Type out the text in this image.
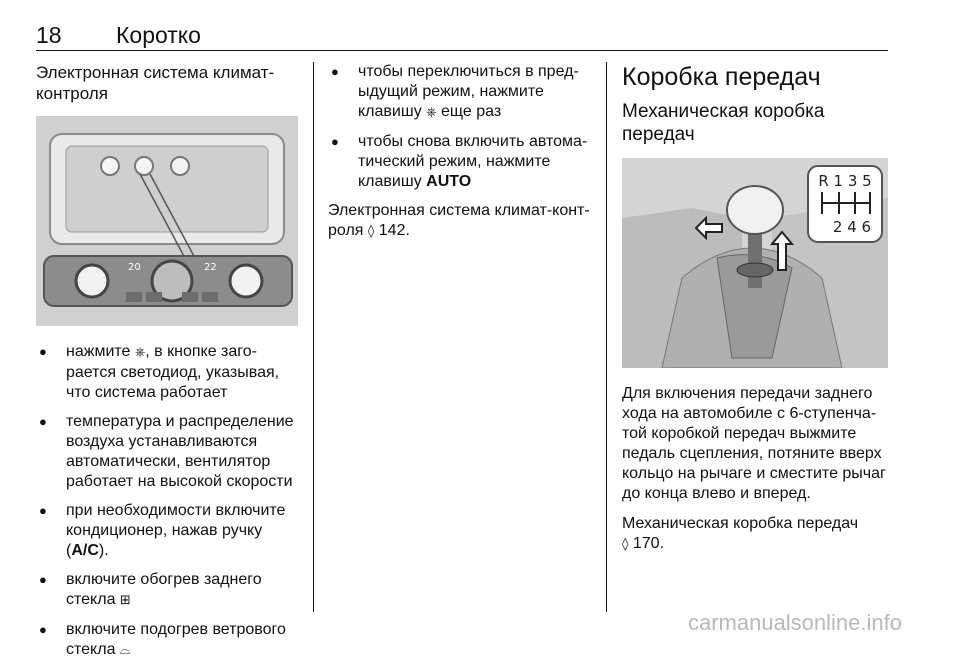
18 Коротко

Электронная система климат-контроля

20	22
● нажмите ⎈, в кнопке заго-рается светодиод, указывая, что система работает
● температура и распределение воздуха устанавливаются автоматически, вентилятор работает на высокой скорости
● при необходимости включите кондиционер, нажав ручку (A/C).
● включите обогрев заднего стекла ⊞
● включите подогрев ветрового стекла ⌓
● чтобы переключиться в пред-ыдущий режим, нажмите клавишу ⎈ еще раз
● чтобы снова включить автома-тический режим, нажмите клавишу AUTO

Электронная система климат-конт-роля ◊ 142.

Коробка передач

Механическая коробка передач

R 1 3 5
2 4 6

Для включения передачи заднего хода на автомобиле с 6-ступенча-той коробкой передач выжмите педаль сцепления, потяните вверх кольцо на рычаге и сместите рычаг до конца влево и вперед.

Механическая коробка передач
◊ 170.

carmanualsonline.info
